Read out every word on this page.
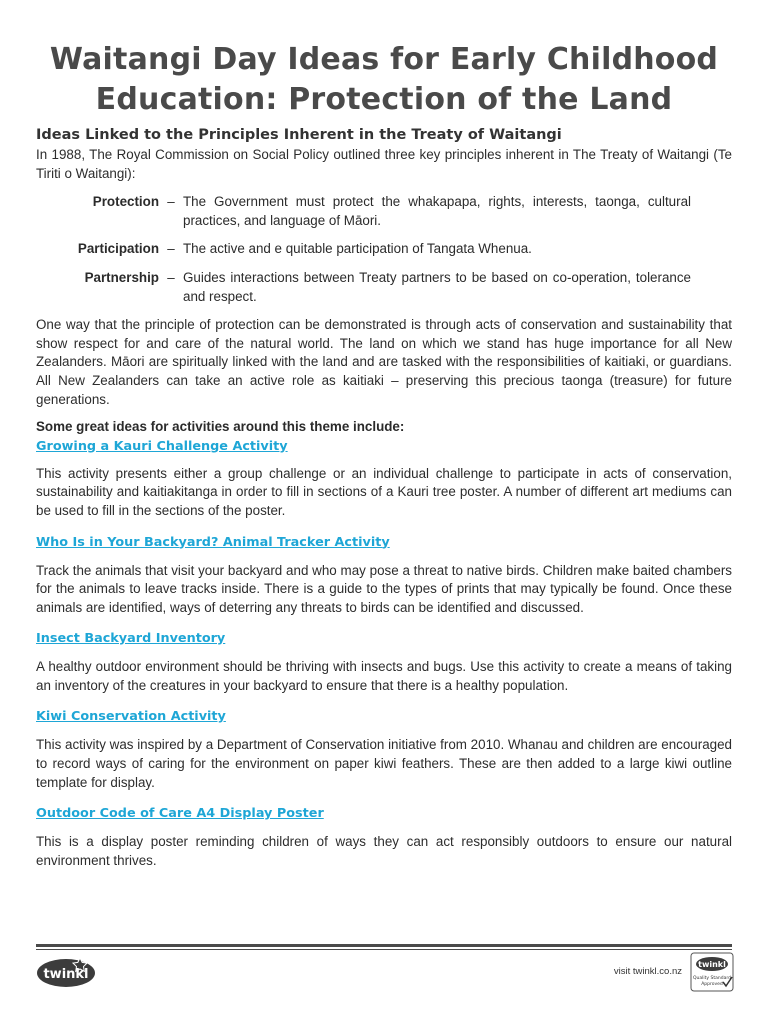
Waitangi Day Ideas for Early Childhood
Education: Protection of the Land
Ideas Linked to the Principles Inherent in the Treaty of Waitangi

In 1988, The Royal Commission on Social Policy outlined three key principles inherent in The Treaty of Waitangi (Te Tiriti o Waitangi):

Protection – The Government must protect the whakapapa, rights, interests, taonga, cultural practices, and language of Māori.
Participation – The active and e quitable participation of Tangata Whenua.
Partnership – Guides interactions between Treaty partners to be based on co-operation, tolerance and respect.

One way that the principle of protection can be demonstrated is through acts of conservation and sustainability that show respect for and care of the natural world. The land on which we stand has huge importance for all New Zealanders. Māori are spiritually linked with the land and are tasked with the responsibilities of kaitiaki, or guardians. All New Zealanders can take an active role as kaitiaki – preserving this precious taonga (treasure) for future generations.

Some great ideas for activities around this theme include:
Growing a Kauri Challenge Activity

This activity presents either a group challenge or an individual challenge to participate in acts of conservation, sustainability and kaitiakitanga in order to fill in sections of a Kauri tree poster. A number of different art mediums can be used to fill in the sections of the poster.

Who Is in Your Backyard? Animal Tracker Activity

Track the animals that visit your backyard and who may pose a threat to native birds. Children make baited chambers for the animals to leave tracks inside. There is a guide to the types of prints that may typically be found. Once these animals are identified, ways of deterring any threats to birds can be identified and discussed.

Insect Backyard Inventory

A healthy outdoor environment should be thriving with insects and bugs. Use this activity to create a means of taking an inventory of the creatures in your backyard to ensure that there is a healthy population.

Kiwi Conservation Activity

This activity was inspired by a Department of Conservation initiative from 2010. Whanau and children are encouraged to record ways of caring for the environment on paper kiwi feathers. These are then added to a large kiwi outline template for display.

Outdoor Code of Care A4 Display Poster

This is a display poster reminding children of ways they can act responsibly outdoors to ensure our natural environment thrives.

twinkl	visit twinkl.co.nz
twinkl
Quality Standard
Approved
